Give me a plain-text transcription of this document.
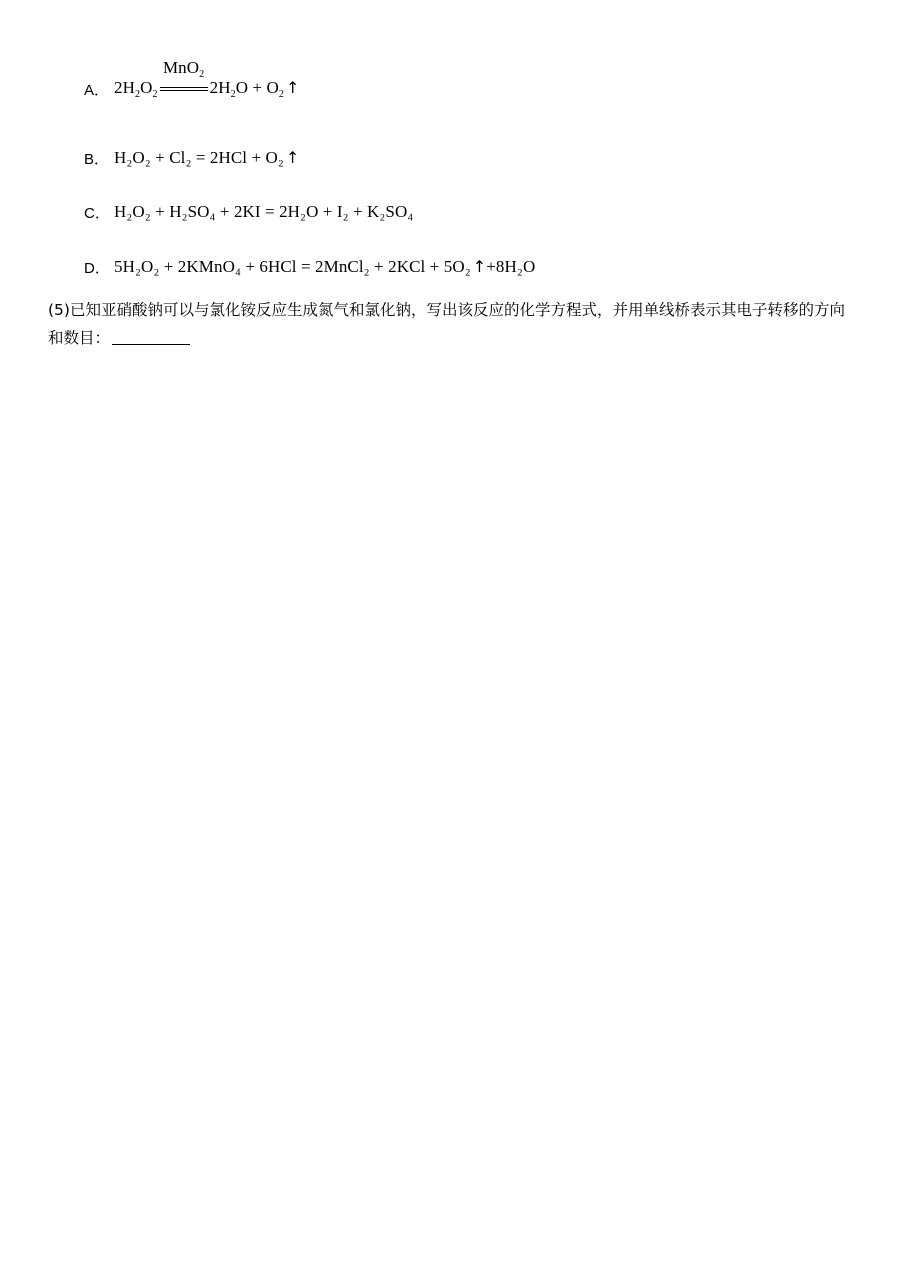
A． $2H_2O_2$
MnO$_2$
$2H_2O + O_2$ ↑
B． H₂O₂ + Cl₂ = 2HCl + O₂ ↑
C． H₂O₂ + H₂SO₄ + 2KI = 2H₂O + I₂ + K₂SO₄
D． 5H₂O₂ + 2KMnO₄ + 6HCl = 2MnCl₂ + 2KCl + 5O₂ ↑+8H₂O
(5)已知亚硝酸钠可以与氯化铵反应生成氮气和氯化钠，写出该反应的化学方程式，并用单线桥表示其电子转移的方向和数目：
